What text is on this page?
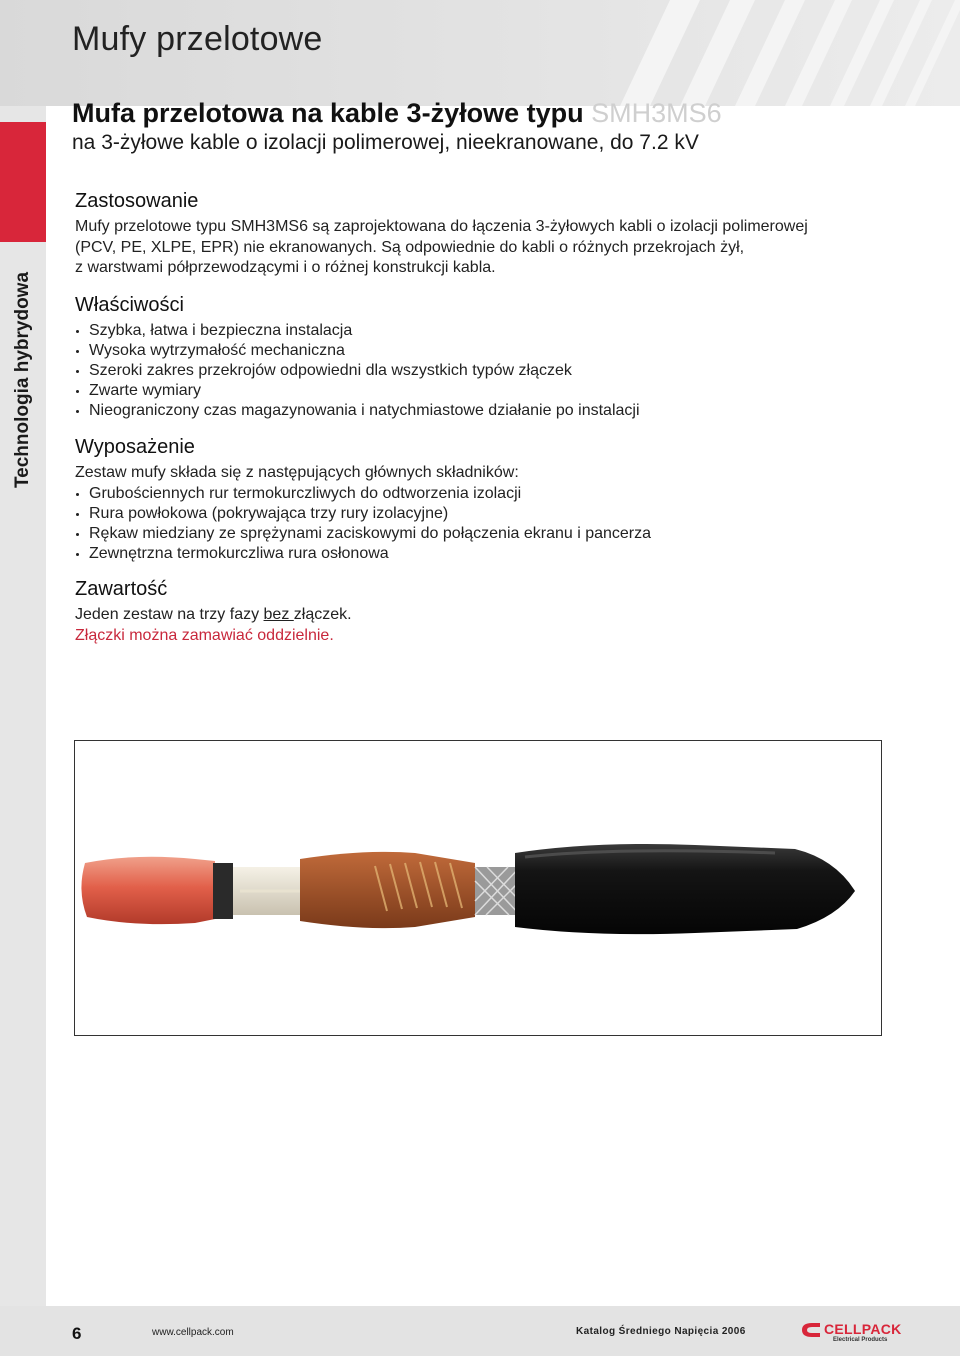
Mufy przelotowe
Technologia hybrydowa
Mufa przelotowa na kable 3-żyłowe typu SMH3MS6
na 3-żyłowe kable o izolacji polimerowej, nieekranowane, do 7.2 kV
Zastosowanie

Mufy przelotowe typu SMH3MS6 są zaprojektowana do łączenia 3-żyłowych kabli o izolacji polimerowej

(PCV, PE, XLPE, EPR) nie ekranowanych. Są odpowiednie do kabli o różnych przekrojach żył,

z warstwami półprzewodzącymi i o różnej konstrukcji kabla.

Właściwości
Szybka, łatwa i bezpieczna instalacja
Wysoka wytrzymałość mechaniczna
Szeroki zakres przekrojów odpowiedni dla wszystkich typów złączek
Zwarte wymiary
Nieograniczony czas magazynowania i natychmiastowe działanie po instalacji
Wyposażenie

Zestaw mufy składa się z następujących głównych składników:

Grubościennych rur termokurczliwych do odtworzenia izolacji
Rura powłokowa (pokrywająca trzy rury izolacyjne)
Rękaw miedziany ze sprężynami zaciskowymi do połączenia ekranu i pancerza
Zewnętrzna termokurczliwa rura osłonowa
Zawartość

Jeden zestaw na trzy fazy bez złączek.

Złączki można zamawiać oddzielnie.

6	www.cellpack.com	Katalog Średniego Napięcia 2006	CELLPACK
Electrical Products
